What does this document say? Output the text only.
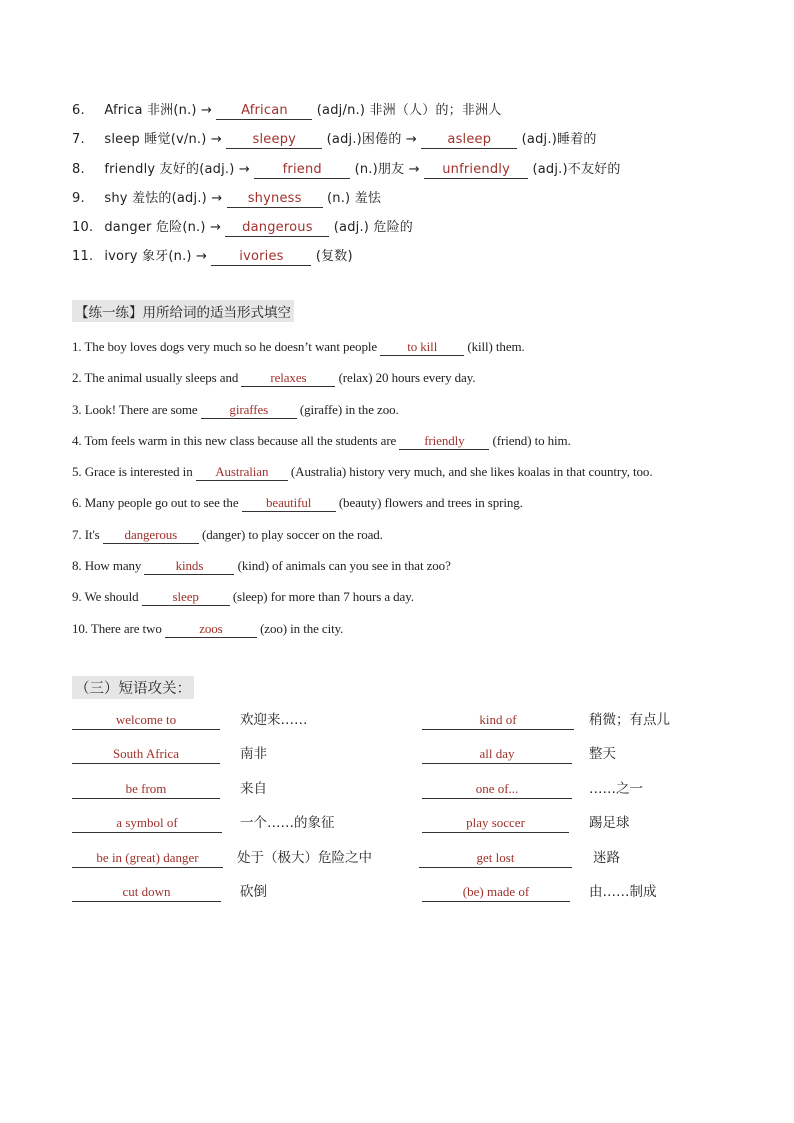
6. Africa 非洲(n.) → African (adj/n.) 非洲（人）的；非洲人
7. sleep 睡觉(v/n.) → sleepy (adj.)困倦的 → asleep (adj.)睡着的
8. friendly 友好的(adj.) →	friend	(n.)朋友 → unfriendly (adj.)不友好的
9. shy 羞怯的(adj.) → shyness (n.) 羞怯
10. danger 危险(n.) → dangerous (adj.) 危险的
11. ivory 象牙(n.) → ivories (复数)
【练一练】用所给词的适当形式填空
1. The boy loves dogs very much so he doesn’t want people to kill (kill) them.
2. The animal usually sleeps and relaxes (relax) 20 hours every day.
3. Look! There are some giraffes (giraffe) in the zoo.
4. Tom feels warm in this new class because all the students are friendly (friend) to him.
5. Grace is interested in Australian (Australia) history very much, and she likes koalas in that country, too.
6. Many people go out to see the beautiful (beauty) flowers and trees in spring.
7. It's dangerous (danger) to play soccer on the road.
8. How many	kinds	(kind) of animals can you see in that zoo?
9. We should	sleep	(sleep) for more than 7 hours a day.
10. There are two	zoos	(zoo) in the city.
（三）短语攻关：
welcome to	欢迎来……	kind of	稍微；有点儿
South Africa	南非	all day	整天
be from	来自	one of...	……之一
a symbol of	一个……的象征	play soccer	踢足球
be in (great) danger	处于（极大）危险之中	get lost	迷路
cut down	砍倒	(be) made of	由……制成
